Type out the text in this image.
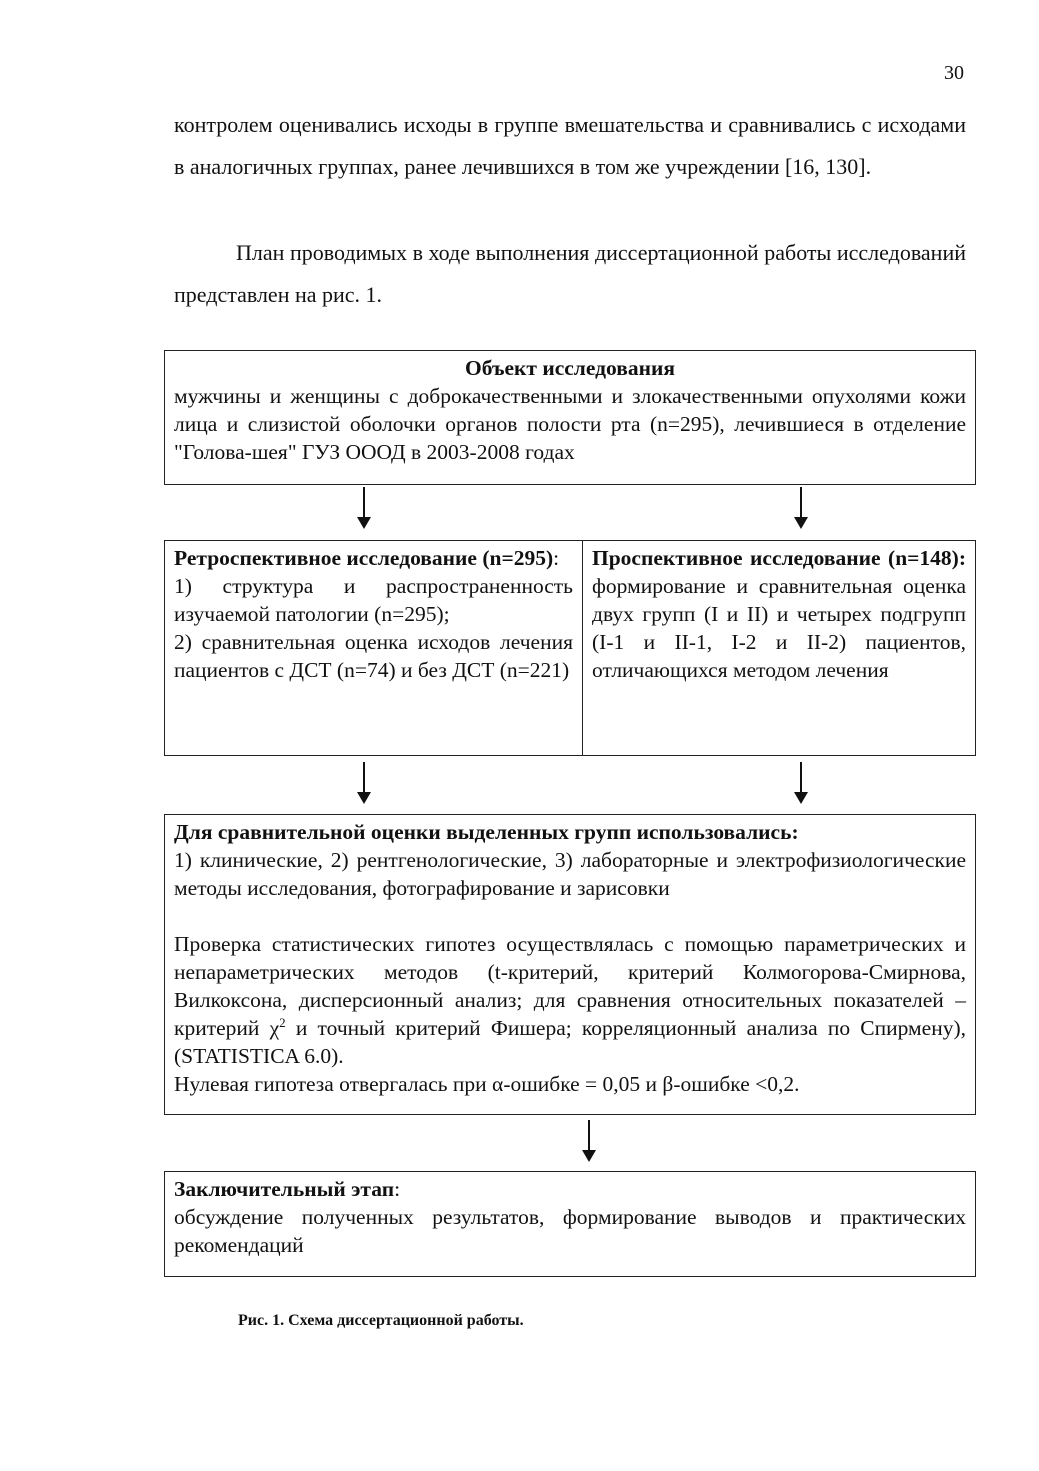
30

контролем оценивались исходы в группе вмешательства и сравнивались с исходами в аналогичных группах, ранее лечившихся в том же учреждении [16, 130].

План проводимых в ходе выполнения диссертационной работы исследований представлен на рис. 1.

Объект исследования

мужчины и женщины с доброкачественными и злокачественными опухолями кожи лица и слизистой оболочки органов полости рта (n=295), лечившиеся в отделение "Голова-шея" ГУЗ ОООД в 2003-2008 годах

Ретроспективное исследование (n=295):

1) структура и распространенность изучаемой патологии (n=295);

2) сравнительная оценка исходов лечения пациентов с ДСТ (n=74) и без ДСТ (n=221)

Проспективное исследование (n=148): формирование и сравнительная оценка двух групп (I и II) и четырех подгрупп (I-1 и II-1, I-2 и II-2) пациентов, отличающихся методом лечения

Для сравнительной оценки выделенных групп использовались:

1) клинические, 2) рентгенологические, 3) лабораторные и электрофизиологические методы исследования, фотографирование и зарисовки

Проверка статистических гипотез осуществлялась с помощью параметрических и непараметрических методов (t-критерий, критерий Колмогорова-Смирнова, Вилкоксона, дисперсионный анализ; для сравнения относительных показателей – критерий $\chi^2$ и точный критерий Фишера; корреляционный анализа по Спирмену), (STATISTICA 6.0).

Нулевая гипотеза отвергалась при α-ошибке = 0,05 и β-ошибке <0,2.

Заключительный этап:

обсуждение полученных результатов, формирование выводов и практических рекомендаций

Рис. 1. Схема диссертационной работы.
